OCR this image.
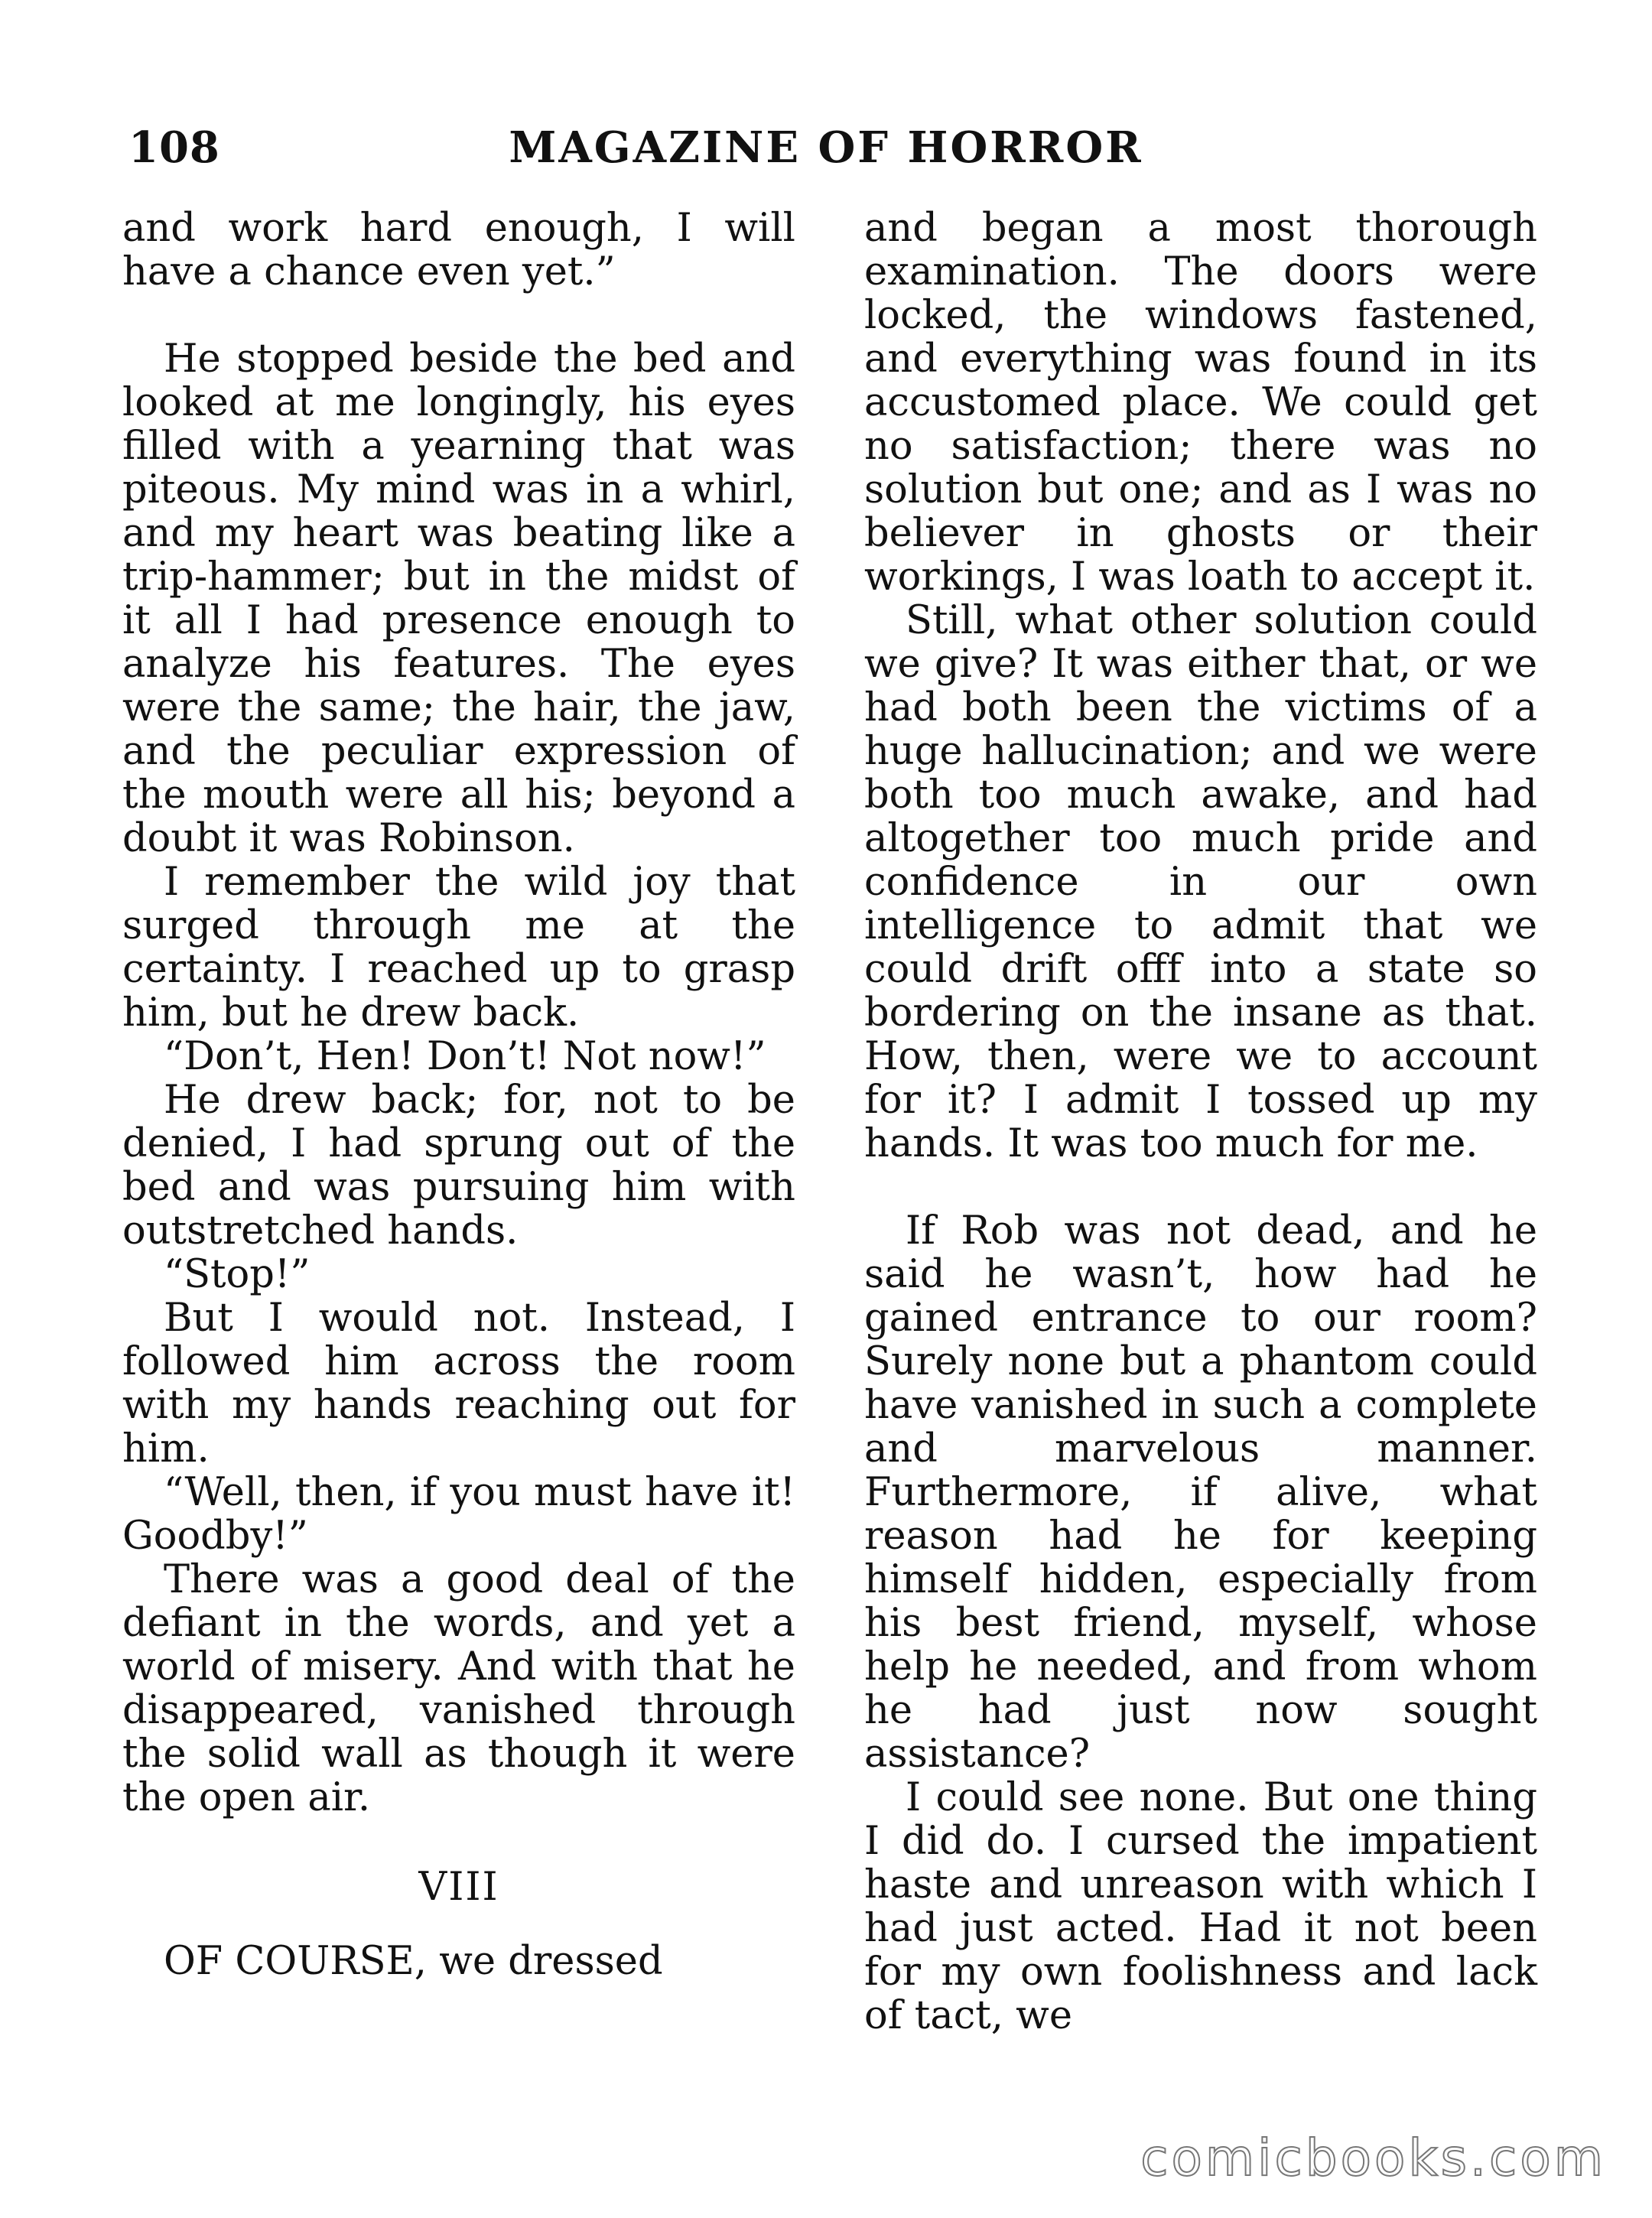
108	MAGAZINE OF HORROR

and work hard enough, I will have a chance even yet.”

He stopped beside the bed and looked at me longingly, his eyes filled with a yearning that was piteous. My mind was in a whirl, and my heart was beating like a trip-hammer; but in the midst of it all I had presence enough to analyze his features. The eyes were the same; the hair, the jaw, and the peculiar expression of the mouth were all his; beyond a doubt it was Robinson.

I remember the wild joy that surged through me at the certainty. I reached up to grasp him, but he drew back.

“Don’t, Hen! Don’t! Not now!”

He drew back; for, not to be denied, I had sprung out of the bed and was pursuing him with outstretched hands.

“Stop!”

But I would not. Instead, I followed him across the room with my hands reaching out for him.

“Well, then, if you must have it! Goodby!”

There was a good deal of the defiant in the words, and yet a world of misery. And with that he disappeared, vanished through the solid wall as though it were the open air.

VIII

OF COURSE, we dressed

and began a most thorough examination. The doors were locked, the windows fastened, and everything was found in its accustomed place. We could get no satisfaction; there was no solution but one; and as I was no believer in ghosts or their workings, I was loath to accept it.

Still, what other solution could we give? It was either that, or we had both been the victims of a huge hallucination; and we were both too much awake, and had altogether too much pride and confidence in our own intelligence to admit that we could drift offf into a state so bordering on the insane as that. How, then, were we to account for it? I admit I tossed up my hands. It was too much for me.

If Rob was not dead, and he said he wasn’t, how had he gained entrance to our room? Surely none but a phantom could have vanished in such a complete and marvelous manner. Furthermore, if alive, what reason had he for keeping himself hidden, especially from his best friend, myself, whose help he needed, and from whom he had just now sought assistance?

I could see none. But one thing I did do. I cursed the impatient haste and unreason with which I had just acted. Had it not been for my own foolishness and lack of tact, we

comicbooks.com
